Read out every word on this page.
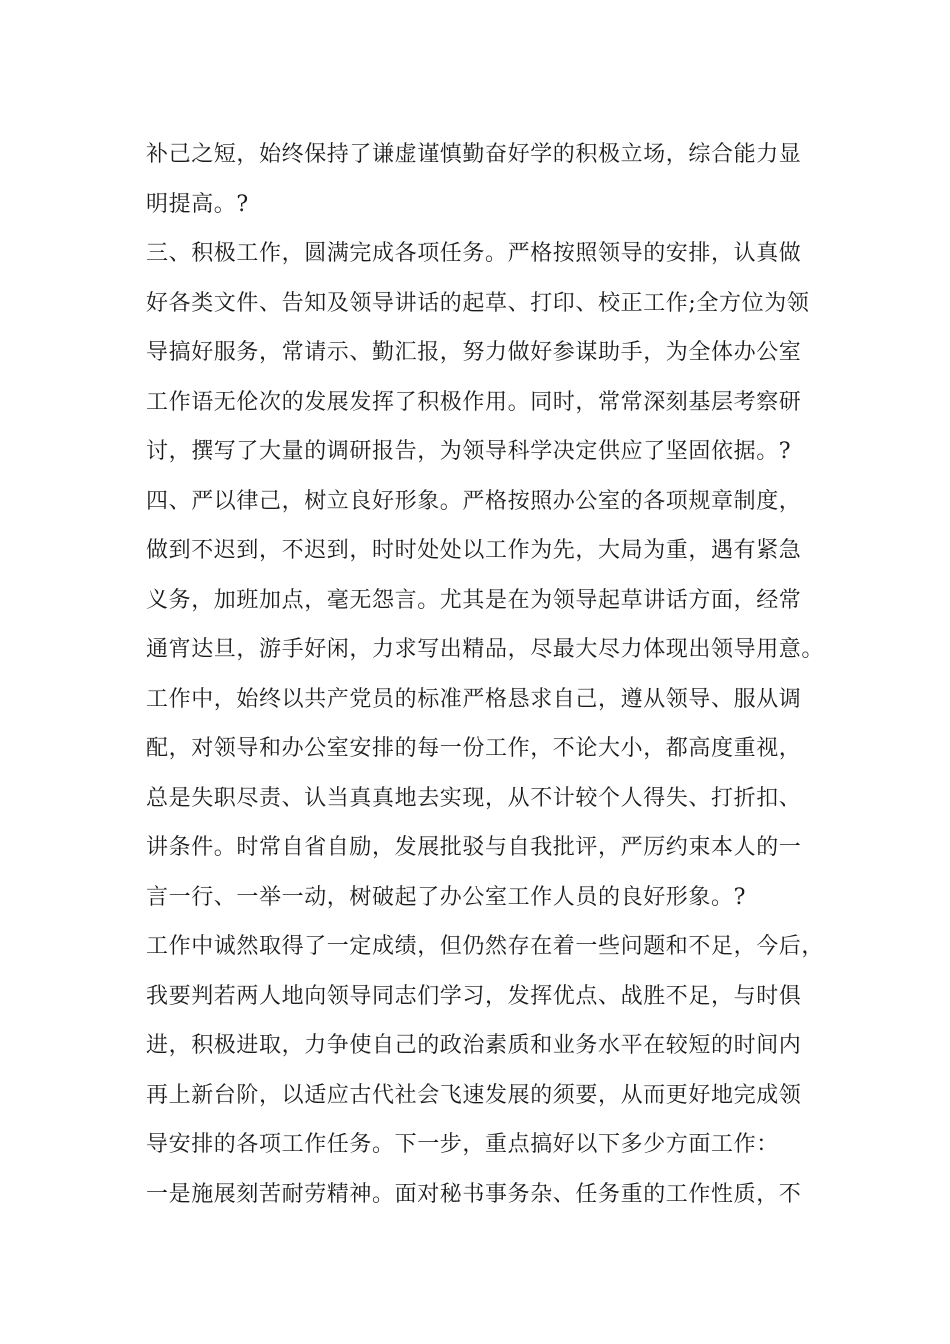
补己之短，始终保持了谦虚谨慎勤奋好学的积极立场，综合能力显
明提高。?
三、积极工作，圆满完成各项任务。严格按照领导的安排，认真做
好各类文件、告知及领导讲话的起草、打印、校正工作;全方位为领
导搞好服务，常请示、勤汇报，努力做好参谋助手，为全体办公室
工作语无伦次的发展发挥了积极作用。同时，常常深刻基层考察研
讨，撰写了大量的调研报告，为领导科学决定供应了坚固依据。?
四、严以律己，树立良好形象。严格按照办公室的各项规章制度，
做到不迟到，不迟到，时时处处以工作为先，大局为重，遇有紧急
义务，加班加点，毫无怨言。尤其是在为领导起草讲话方面，经常
通宵达旦，游手好闲，力求写出精品，尽最大尽力体现出领导用意。
工作中，始终以共产党员的标准严格恳求自己，遵从领导、服从调
配，对领导和办公室安排的每一份工作，不论大小，都高度重视，
总是失职尽责、认当真真地去实现，从不计较个人得失、打折扣、
讲条件。时常自省自励，发展批驳与自我批评，严厉约束本人的一
言一行、一举一动，树破起了办公室工作人员的良好形象。?
工作中诚然取得了一定成绩，但仍然存在着一些问题和不足，今后，
我要判若两人地向领导同志们学习，发挥优点、战胜不足，与时俱
进，积极进取，力争使自己的政治素质和业务水平在较短的时间内
再上新台阶，以适应古代社会飞速发展的须要，从而更好地完成领
导安排的各项工作任务。下一步，重点搞好以下多少方面工作：
一是施展刻苦耐劳精神。面对秘书事务杂、任务重的工作性质，不
